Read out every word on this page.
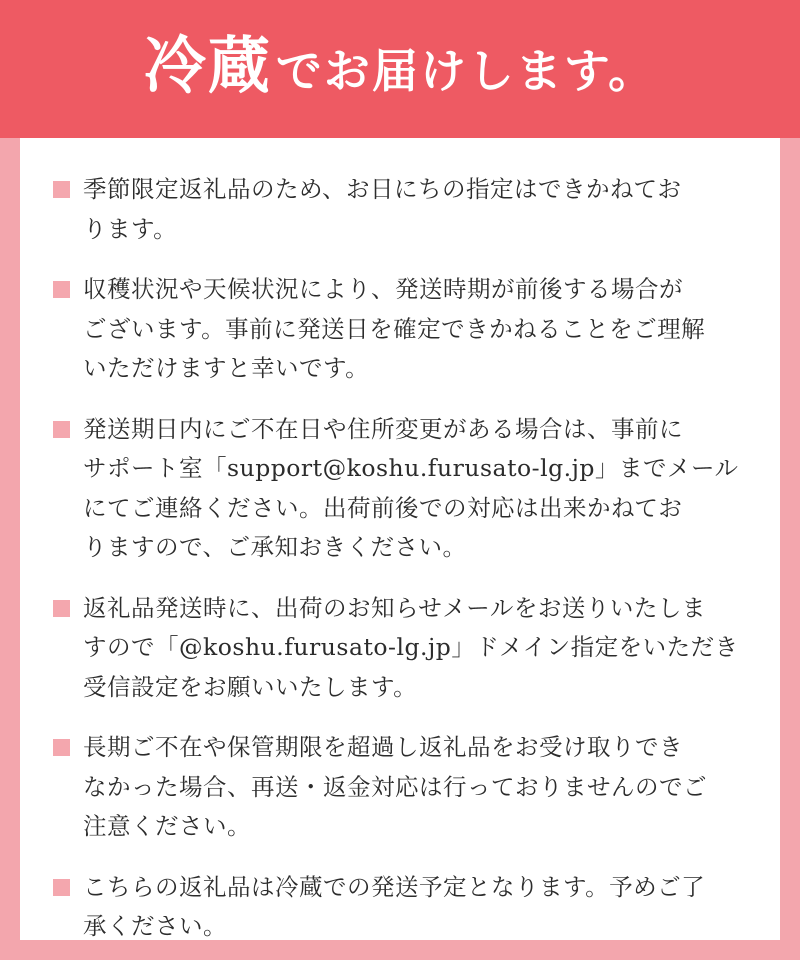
冷蔵でお届けします。

季節限定返礼品のため、お日にちの指定はできかねてお
ります。

収穫状況や天候状況により、発送時期が前後する場合が
ございます。事前に発送日を確定できかねることをご理解
いただけますと幸いです。

発送期日内にご不在日や住所変更がある場合は、事前に
サポート室「support@koshu.furusato-lg.jp」までメール
にてご連絡ください。出荷前後での対応は出来かねてお
りますので、ご承知おきください。

返礼品発送時に、出荷のお知らせメールをお送りいたしま
すので「@koshu.furusato-lg.jp」ドメイン指定をいただき
受信設定をお願いいたします。

長期ご不在や保管期限を超過し返礼品をお受け取りでき
なかった場合、再送・返金対応は行っておりませんのでご
注意ください。

こちらの返礼品は冷蔵での発送予定となります。予めご了
承ください。
